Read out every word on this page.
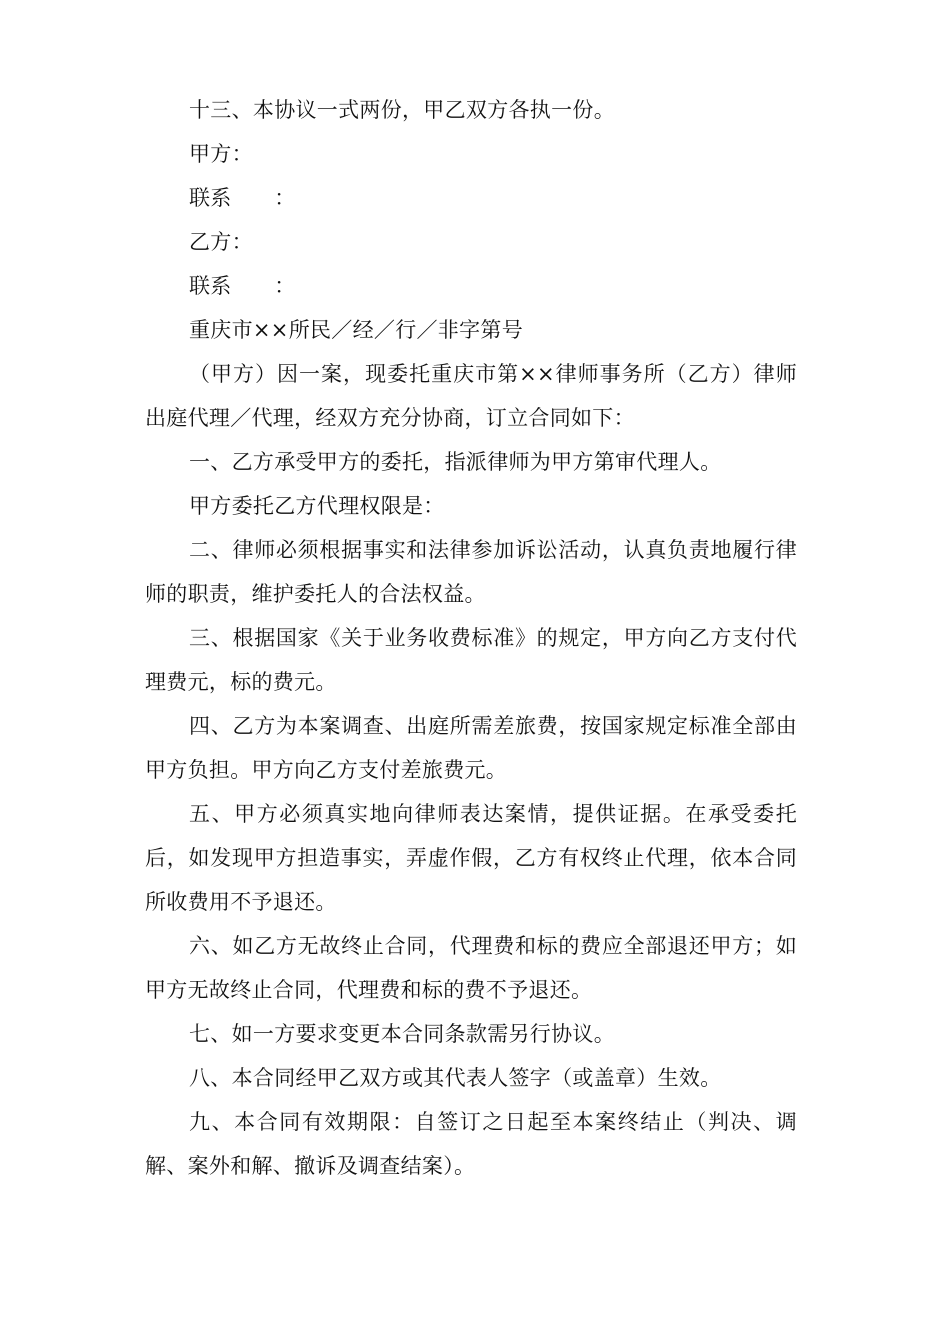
十三、本协议一式两份，甲乙双方各执一份。

甲方：

联系　　：

乙方：

联系　　：

重庆市××所民／经／行／非字第号

（甲方）因一案，现委托重庆市第××律师事务所（乙方）律师出庭代理／代理，经双方充分协商，订立合同如下：

一、乙方承受甲方的委托，指派律师为甲方第审代理人。

甲方委托乙方代理权限是：

二、律师必须根据事实和法律参加诉讼活动，认真负责地履行律师的职责，维护委托人的合法权益。

三、根据国家《关于业务收费标准》的规定，甲方向乙方支付代理费元，标的费元。

四、乙方为本案调查、出庭所需差旅费，按国家规定标准全部由甲方负担。甲方向乙方支付差旅费元。

五、甲方必须真实地向律师表达案情，提供证据。在承受委托后，如发现甲方担造事实，弄虚作假，乙方有权终止代理，依本合同所收费用不予退还。

六、如乙方无故终止合同，代理费和标的费应全部退还甲方；如甲方无故终止合同，代理费和标的费不予退还。

七、如一方要求变更本合同条款需另行协议。

八、本合同经甲乙双方或其代表人签字（或盖章）生效。

九、本合同有效期限：自签订之日起至本案终结止（判决、调解、案外和解、撤诉及调查结案）。
